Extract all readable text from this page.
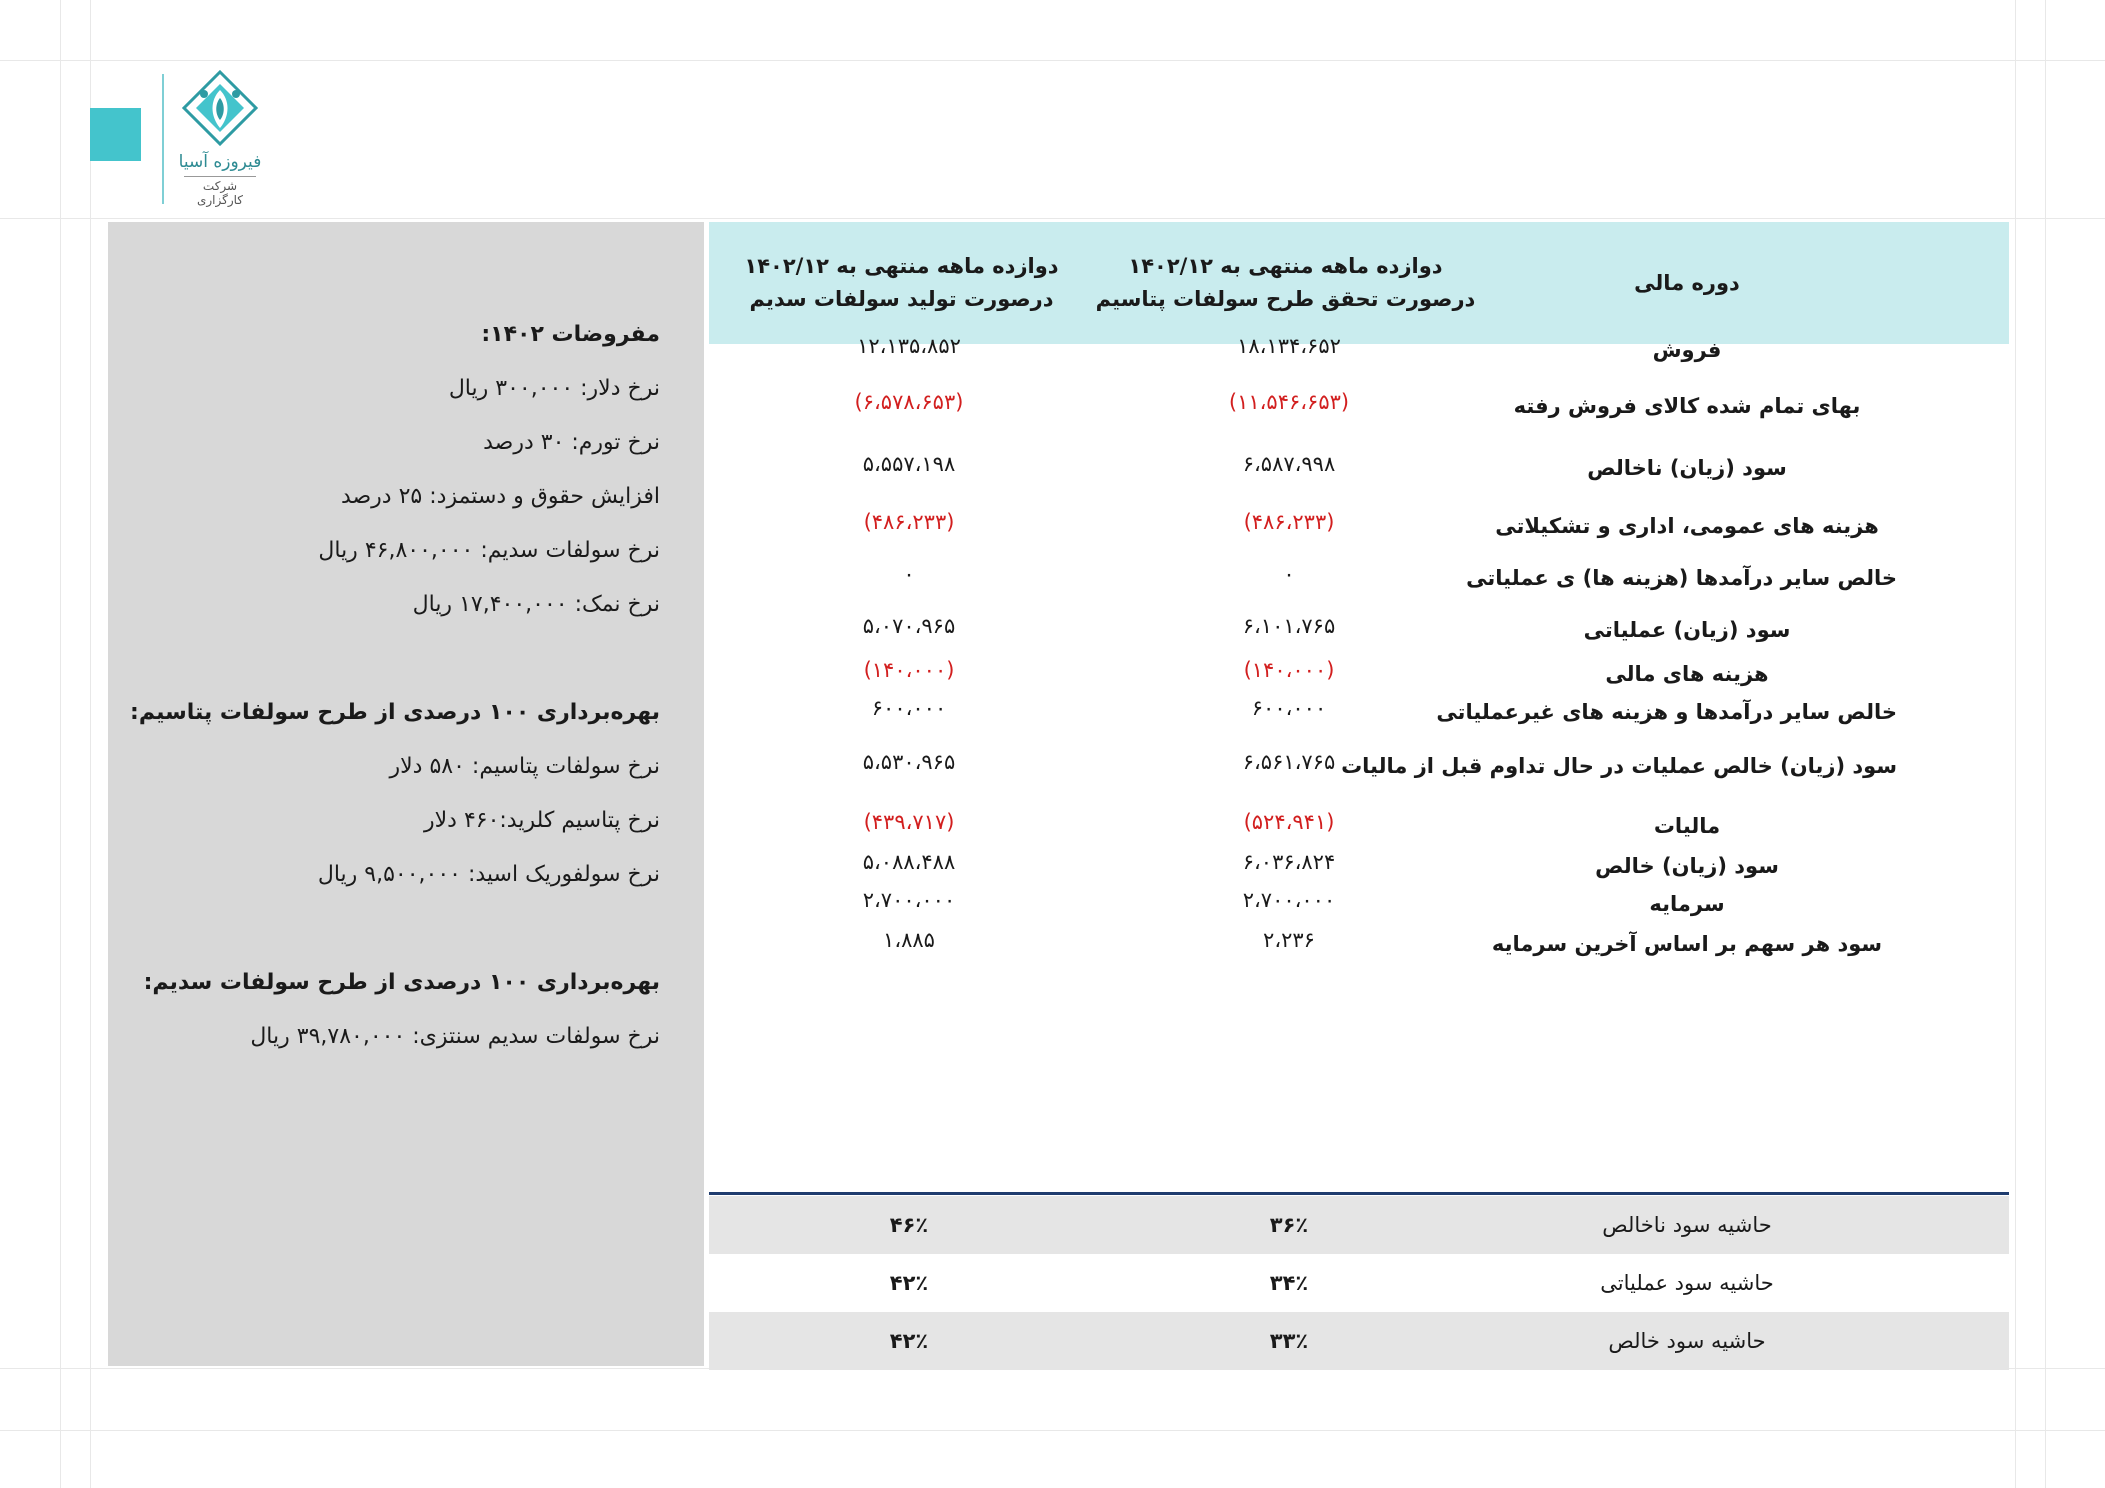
فیروزه آسیا
شرکت کارگزاری
مفروضات ۱۴۰۲:
نرخ دلار: ۳۰۰,۰۰۰ ریال
نرخ تورم: ۳۰ درصد
افزایش حقوق و دستمزد: ۲۵ درصد
نرخ سولفات سدیم: ۴۶,۸۰۰,۰۰۰ ریال
نرخ نمک: ۱۷,۴۰۰,۰۰۰ ریال
بهره‌برداری ۱۰۰ درصدی از طرح سولفات پتاسیم:
نرخ سولفات پتاسیم: ۵۸۰ دلار
نرخ پتاسیم کلرید:۴۶۰ دلار
نرخ سولفوریک اسید: ۹,۵۰۰,۰۰۰ ریال
بهره‌برداری ۱۰۰ درصدی از طرح سولفات سدیم:
نرخ سولفات سدیم سنتزی: ۳۹,۷۸۰,۰۰۰ ریال
دوره مالی
دوازده ماهه منتهی به ۱۴۰۲/۱۲ درصورت تحقق طرح سولفات پتاسیم
دوازده ماهه منتهی به ۱۴۰۲/۱۲ درصورت تولید سولفات سدیم
فروش
۱۸،۱۳۴،۶۵۲
۱۲،۱۳۵،۸۵۲
بهای تمام شده کالای فروش رفته
(۱۱،۵۴۶،۶۵۳)
(۶،۵۷۸،۶۵۳)
سود (زیان) ناخالص
۶،۵۸۷،۹۹۸
۵،۵۵۷،۱۹۸
هزینه های عمومی، اداری و تشکیلاتی
(۴۸۶،۲۳۳)
(۴۸۶،۲۳۳)
خالص سایر درآمدها (هزینه ها) ی عملیاتی
۰
۰
سود (زیان) عملیاتی
۶،۱۰۱،۷۶۵
۵،۰۷۰،۹۶۵
هزینه های مالی
(۱۴۰،۰۰۰)
(۱۴۰،۰۰۰)
خالص سایر درآمدها و هزینه های غیرعملیاتی
۶۰۰،۰۰۰
۶۰۰،۰۰۰
سود (زیان) خالص عملیات در حال تداوم قبل از مالیات
۶،۵۶۱،۷۶۵
۵،۵۳۰،۹۶۵
مالیات
(۵۲۴،۹۴۱)
(۴۳۹،۷۱۷)
سود (زیان) خالص
۶،۰۳۶،۸۲۴
۵،۰۸۸،۴۸۸
سرمایه
۲،۷۰۰،۰۰۰
۲،۷۰۰،۰۰۰
سود هر سهم بر اساس آخرین سرمایه
۲،۲۳۶
۱،۸۸۵
حاشیه سود ناخالص
۳۶٪
۴۶٪
حاشیه سود عملیاتی
۳۴٪
۴۲٪
حاشیه سود خالص
۳۳٪
۴۲٪
